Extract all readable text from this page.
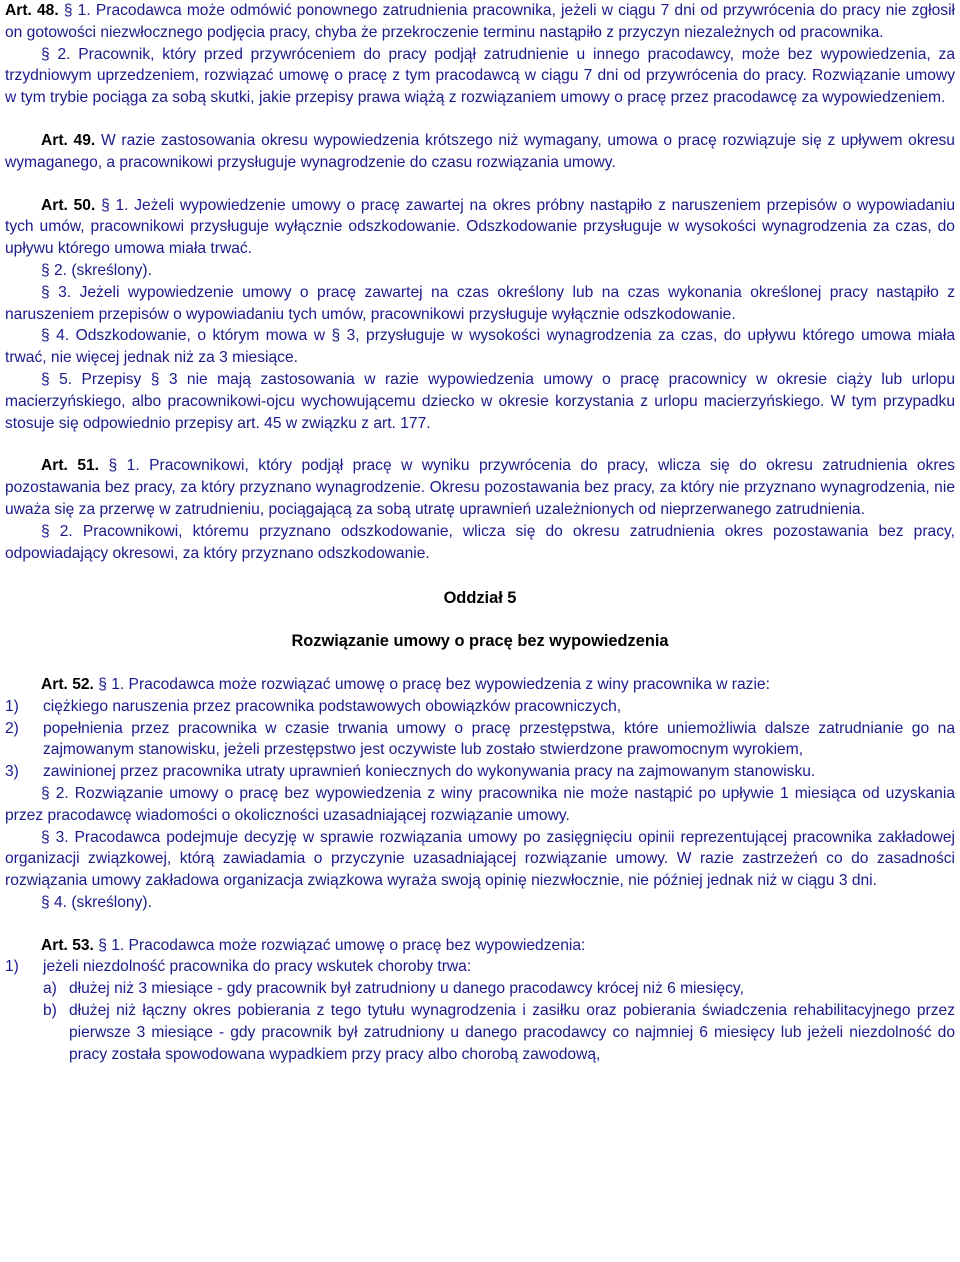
Art. 48. § 1. Pracodawca może odmówić ponownego zatrudnienia pracownika, jeżeli w ciągu 7 dni od przywrócenia do pracy nie zgłosił on gotowości niezwłocznego podjęcia pracy, chyba że przekroczenie terminu nastąpiło z przyczyn niezależnych od pracownika.

§ 2. Pracownik, który przed przywróceniem do pracy podjął zatrudnienie u innego pracodawcy, może bez wypowiedzenia, za trzydniowym uprzedzeniem, rozwiązać umowę o pracę z tym pracodawcą w ciągu 7 dni od przywrócenia do pracy. Rozwiązanie umowy w tym trybie pociąga za sobą skutki, jakie przepisy prawa wiążą z rozwiązaniem umowy o pracę przez pracodawcę za wypowiedzeniem.

Art. 49. W razie zastosowania okresu wypowiedzenia krótszego niż wymagany, umowa o pracę rozwiązuje się z upływem okresu wymaganego, a pracownikowi przysługuje wynagrodzenie do czasu rozwiązania umowy.

Art. 50. § 1. Jeżeli wypowiedzenie umowy o pracę zawartej na okres próbny nastąpiło z naruszeniem przepisów o wypowiadaniu tych umów, pracownikowi przysługuje wyłącznie odszkodowanie. Odszkodowanie przysługuje w wysokości wynagrodzenia za czas, do upływu którego umowa miała trwać.

§ 2. (skreślony).

§ 3. Jeżeli wypowiedzenie umowy o pracę zawartej na czas określony lub na czas wykonania określonej pracy nastąpiło z naruszeniem przepisów o wypowiadaniu tych umów, pracownikowi przysługuje wyłącznie odszkodowanie.

§ 4. Odszkodowanie, o którym mowa w § 3, przysługuje w wysokości wynagrodzenia za czas, do upływu którego umowa miała trwać, nie więcej jednak niż za 3 miesiące.

§ 5. Przepisy § 3 nie mają zastosowania w razie wypowiedzenia umowy o pracę pracownicy w okresie ciąży lub urlopu macierzyńskiego, albo pracownikowi-ojcu wychowującemu dziecko w okresie korzystania z urlopu macierzyńskiego. W tym przypadku stosuje się odpowiednio przepisy art. 45 w związku z art. 177.

Art. 51. § 1. Pracownikowi, który podjął pracę w wyniku przywrócenia do pracy, wlicza się do okresu zatrudnienia okres pozostawania bez pracy, za który przyznano wynagrodzenie. Okresu pozostawania bez pracy, za który nie przyznano wynagrodzenia, nie uważa się za przerwę w zatrudnieniu, pociągającą za sobą utratę uprawnień uzależnionych od nieprzerwanego zatrudnienia.

§ 2. Pracownikowi, któremu przyznano odszkodowanie, wlicza się do okresu zatrudnienia okres pozostawania bez pracy, odpowiadający okresowi, za który przyznano odszkodowanie.

Oddział 5
Rozwiązanie umowy o pracę bez wypowiedzenia

Art. 52. § 1. Pracodawca może rozwiązać umowę o pracę bez wypowiedzenia z winy pracownika w razie:

1)	ciężkiego naruszenia przez pracownika podstawowych obowiązków pracowniczych,
2)	popełnienia przez pracownika w czasie trwania umowy o pracę przestępstwa, które uniemożliwia dalsze zatrudnianie go na zajmowanym stanowisku, jeżeli przestępstwo jest oczywiste lub zostało stwierdzone prawomocnym wyrokiem,
3)	zawinionej przez pracownika utraty uprawnień koniecznych do wykonywania pracy na zajmowanym stanowisku.

§ 2. Rozwiązanie umowy o pracę bez wypowiedzenia z winy pracownika nie może nastąpić po upływie 1 miesiąca od uzyskania przez pracodawcę wiadomości o okoliczności uzasadniającej rozwiązanie umowy.

§ 3. Pracodawca podejmuje decyzję w sprawie rozwiązania umowy po zasięgnięciu opinii reprezentującej pracownika zakładowej organizacji związkowej, którą zawiadamia o przyczynie uzasadniającej rozwiązanie umowy. W razie zastrzeżeń co do zasadności rozwiązania umowy zakładowa organizacja związkowa wyraża swoją opinię niezwłocznie, nie później jednak niż w ciągu 3 dni.

§ 4. (skreślony).

Art. 53. § 1. Pracodawca może rozwiązać umowę o pracę bez wypowiedzenia:

1)	jeżeli niezdolność pracownika do pracy wskutek choroby trwa:
a) dłużej niż 3 miesiące - gdy pracownik był zatrudniony u danego pracodawcy krócej niż 6 miesięcy,
b) dłużej niż łączny okres pobierania z tego tytułu wynagrodzenia i zasiłku oraz pobierania świadczenia rehabilitacyjnego przez pierwsze 3 miesiące - gdy pracownik był zatrudniony u danego pracodawcy co najmniej 6 miesięcy lub jeżeli niezdolność do pracy została spowodowana wypadkiem przy pracy albo chorobą zawodową,
